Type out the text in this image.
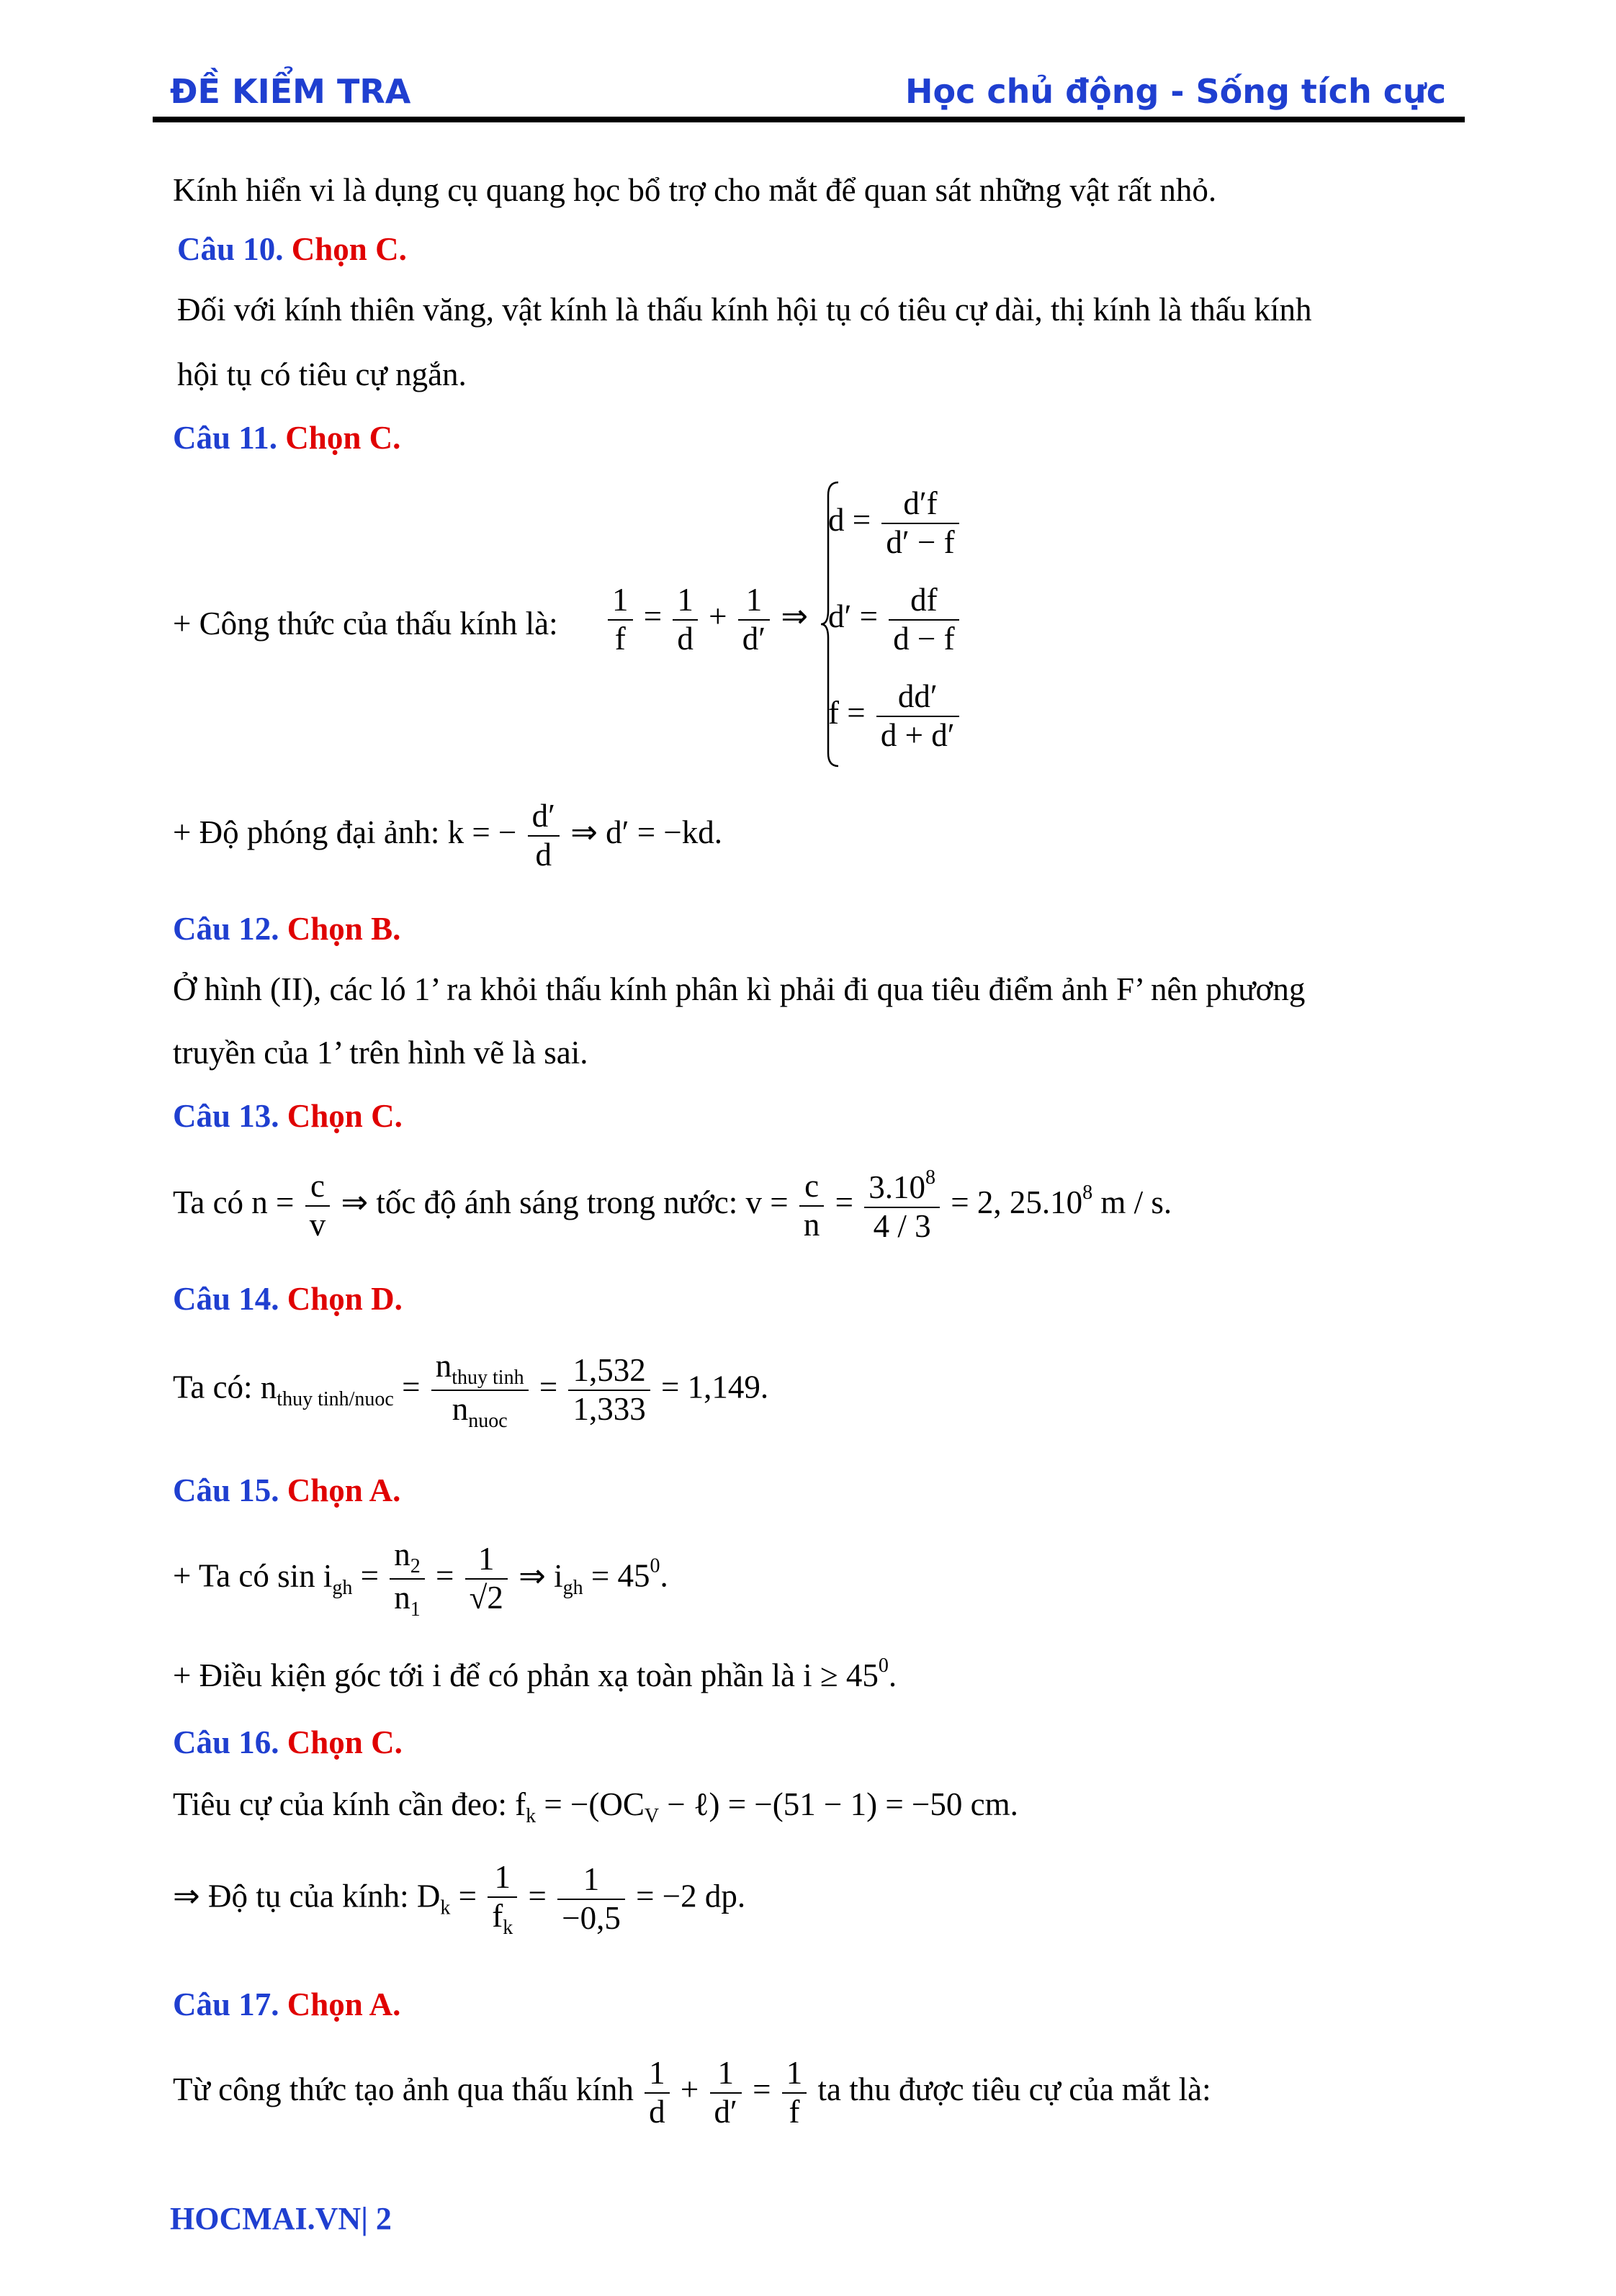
ĐỀ KIỂM TRA	Học chủ động - Sống tích cực
Kính hiển vi là dụng cụ quang học bổ trợ cho mắt để quan sát những vật rất nhỏ.
Câu 10. Chọn C.
Đối với kính thiên văng, vật kính là thấu kính hội tụ có tiêu cự dài, thị kính là thấu kính
hội tụ có tiêu cự ngắn.
Câu 11. Chọn C.
+ Công thức của thấu kính là: $\frac{1}{f} = \frac{1}{d} + \frac{1}{d'}$ ⇒
$d = \frac{d'f}{d' - f}$
$d' = \frac{df}{d - f}$
$f = \frac{dd'}{d + d'}$
+ Độ phóng đại ảnh: k = − $\frac{d'}{d}$ ⇒ d′ = −kd.
Câu 12. Chọn B.
Ở hình (II), các ló 1’ ra khỏi thấu kính phân kì phải đi qua tiêu điểm ảnh F’ nên phương
truyền của 1’ trên hình vẽ là sai.
Câu 13. Chọn C.
Ta có $n = \frac{c}{v}$ ⇒ tốc độ ánh sáng trong nước: $v = \frac{c}{n} = \frac{3.10^8}{4 / 3} = 2$, 25.10$^8$ m / s.
Câu 14. Chọn D.
Ta có: $n_{thuy tinh/nuoc} = \frac{n_{thuy tinh}}{n_{nuoc}} = \frac{1,532}{1,333} = 1,149$.
Câu 15. Chọn A.
+ Ta có $\sin i_{gh} = \frac{n_2}{n_1} = \frac{1}{√2}$ ⇒ $i_{gh} = 45^0$.
+ Điều kiện góc tới i để có phản xạ toàn phần là $i \ge 45^0$.
Câu 16. Chọn C.
Tiêu cự của kính cần đeo: $f_k = -(OC_V$ − ℓ) = −(51 − 1) = −50 cm.
⇒ Độ tụ của kính: $D_k = \frac{1}{f_k} = \frac{1}{-0,5} = -2$ dp.
Câu 17. Chọn A.
Từ công thức tạo ảnh qua thấu kính $\frac{1}{d} + \frac{1}{d'} = \frac{1}{f}$ ta thu được tiêu cự của mắt là:
HOCMAI.VN| 2
